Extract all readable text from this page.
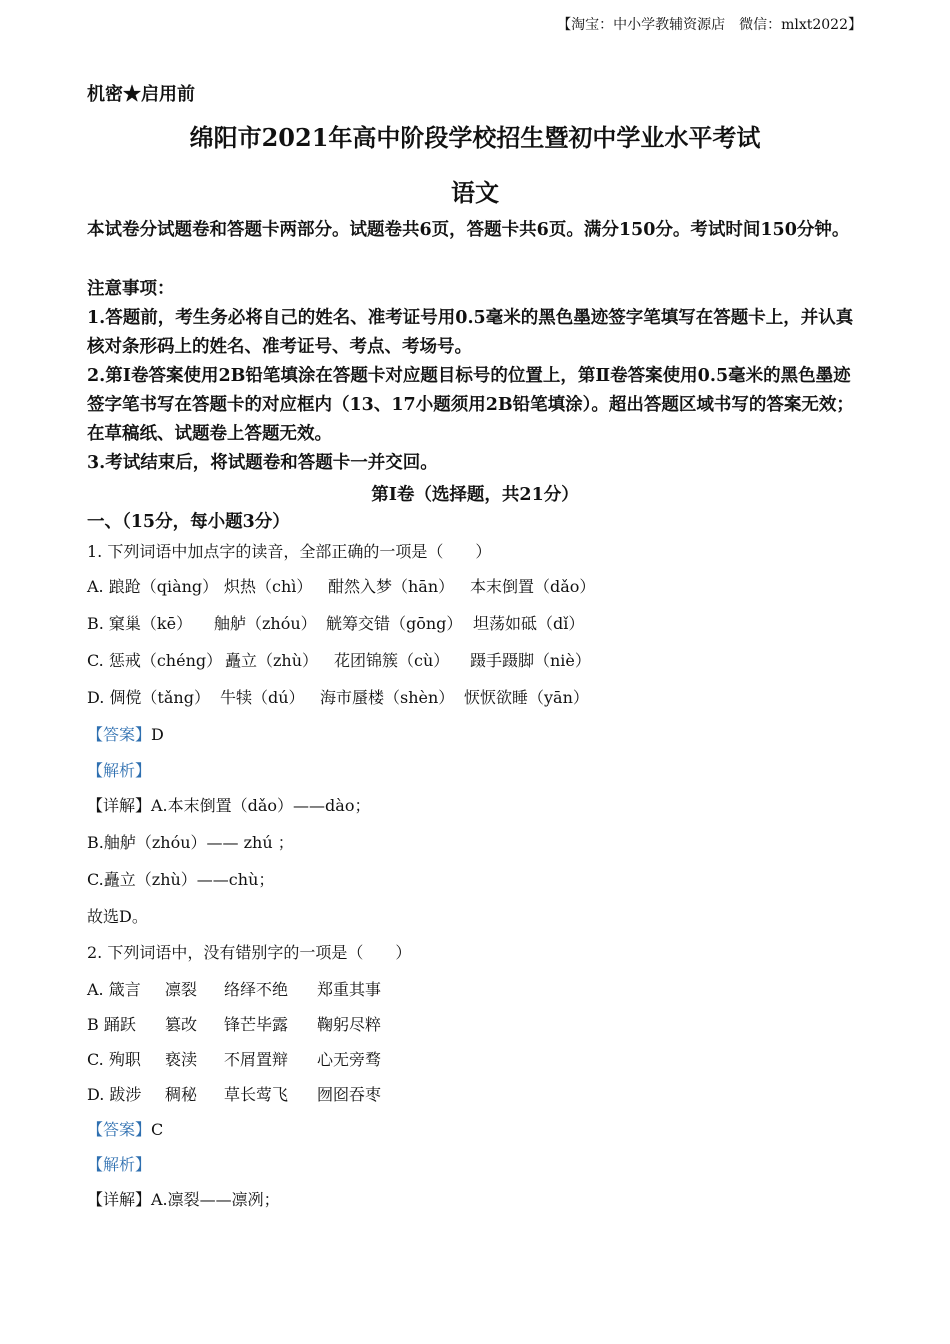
【淘宝：中小学教辅资源店　微信：mlxt2022】
机密★启用前
绵阳市2021年高中阶段学校招生暨初中学业水平考试
语文
本试卷分试题卷和答题卡两部分。试题卷共6页，答题卡共6页。满分150分。考试时间150分钟。
注意事项：
1.答题前，考生务必将自己的姓名、准考证号用0.5毫米的黑色墨迹签字笔填写在答题卡上，并认真核对条形码上的姓名、准考证号、考点、考场号。
2.第Ⅰ卷答案使用2B铅笔填涂在答题卡对应题目标号的位置上，第Ⅱ卷答案使用0.5毫米的黑色墨迹签字笔书写在答题卡的对应框内（13、17小题须用2B铅笔填涂）。超出答题区域书写的答案无效；在草稿纸、试题卷上答题无效。
3.考试结束后，将试题卷和答题卡一并交回。
第Ⅰ卷（选择题，共21分）
一、（15分，每小题3分）
1. 下列词语中加点字的读音，全部正确的一项是（　　）
A. 踉跄（qiàng） 炽热（chì） 酣然入梦（hān） 本末倒置（dǎo）
B. 窠巢（kē） 舳舻（zhóu） 觥筹交错（gōng） 坦荡如砥（dǐ）
C. 惩戒（chéng） 矗立（zhù） 花团锦簇（cù） 蹑手蹑脚（niè）
D. 倜傥（tǎng） 牛犊（dú） 海市蜃楼（shèn） 恹恹欲睡（yān）
【答案】D
【解析】
【详解】A.本末倒置（dǎo）——dào；
B.舳舻（zhóu）—— zhú ；
C.矗立（zhù）——chù；
故选D。
2. 下列词语中，没有错别字的一项是（　　）
A. 箴言 凛裂 络绎不绝 郑重其事
B 踊跃 篡改 锋芒毕露 鞠躬尽粹
C. 殉职 亵渎 不屑置辩 心无旁骛
D. 跋涉 稠秘 草长莺飞 囫囵吞枣
【答案】C
【解析】
【详解】A.凛裂——凛冽；
